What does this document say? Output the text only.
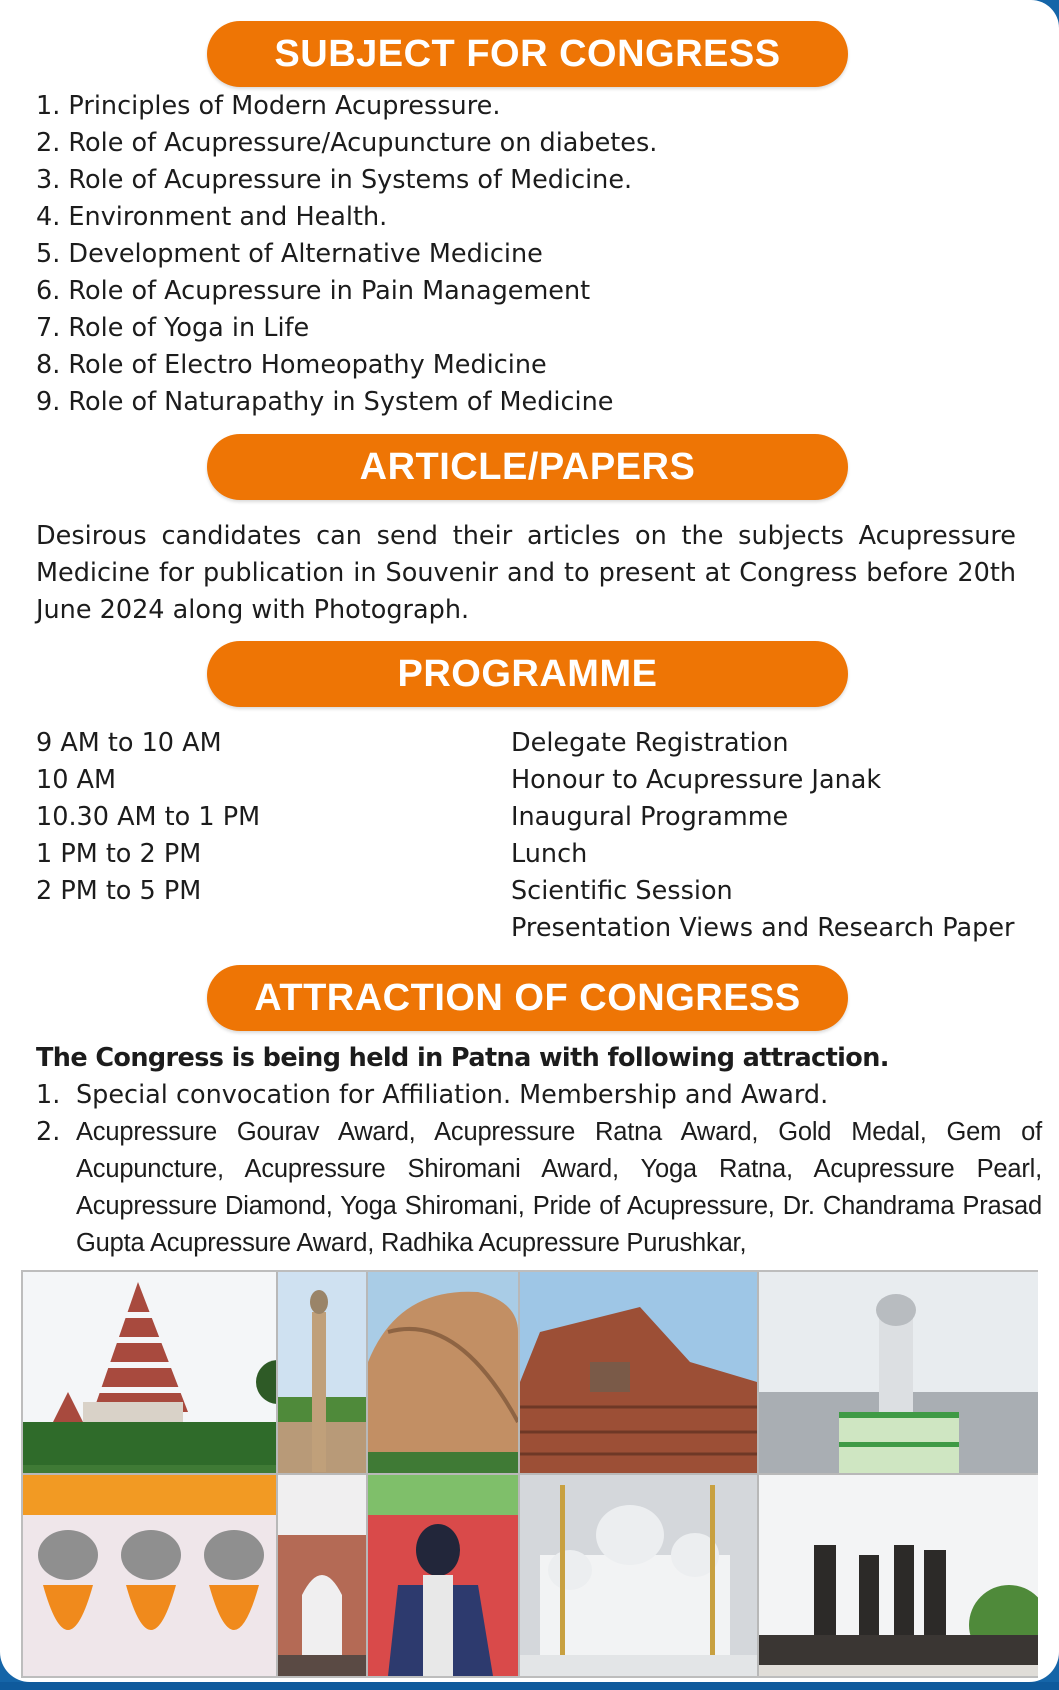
SUBJECT FOR CONGRESS
1. Principles of Modern Acupressure.
2. Role of Acupressure/Acupuncture on diabetes.
3. Role of Acupressure in Systems of Medicine.
4. Environment and Health.
5. Development of Alternative Medicine
6. Role of Acupressure in Pain Management
7. Role of Yoga in Life
8. Role of Electro Homeopathy Medicine
9. Role of Naturapathy in System of Medicine
ARTICLE/PAPERS

Desirous candidates can send their articles on the subjects Acupressure Medicine for publication in Souvenir and to present at Congress before 20th June 2024 along with Photograph.

PROGRAMME
9 AM to 10 AM
10 AM
10.30 AM to 1 PM
1 PM to 2 PM
2 PM to 5 PM
Delegate Registration
Honour to Acupressure Janak
Inaugural Programme
Lunch
Scientific Session
Presentation Views and Research Paper
ATTRACTION OF CONGRESS
The Congress is being held in Patna with following attraction.
1. Special convocation for Affiliation. Membership and Award.
2. Acupressure Gourav Award, Acupressure Ratna Award, Gold Medal, Gem of Acupuncture, Acupressure Shiromani Award, Yoga Ratna, Acupressure Pearl, Acupressure Diamond, Yoga Shiromani, Pride of Acupressure, Dr. Chandrama Prasad Gupta Acupressure Award, Radhika Acupressure Purushkar,
